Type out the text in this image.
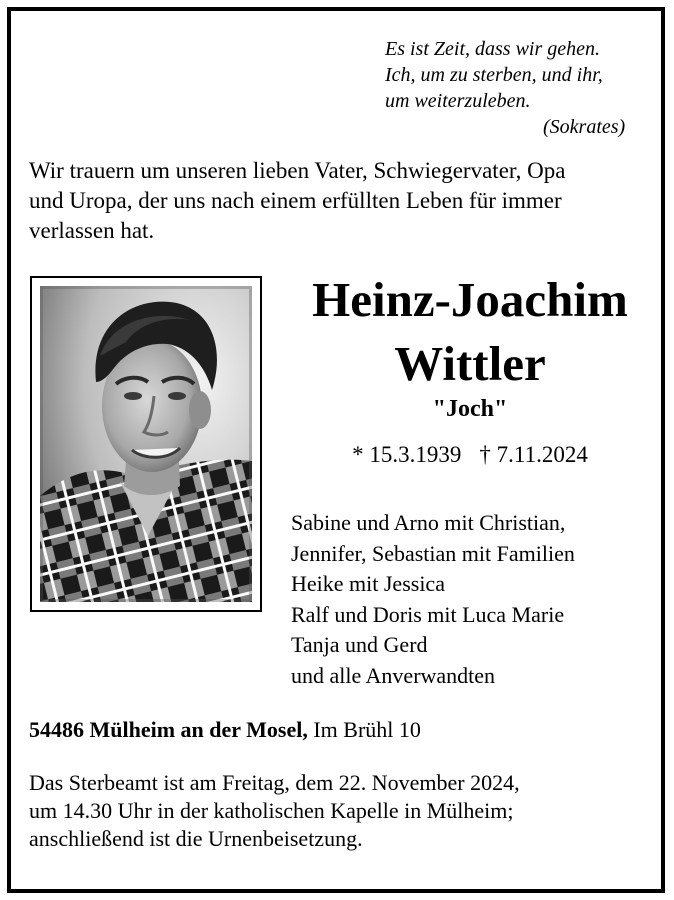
Es ist Zeit, dass wir gehen.
Ich, um zu sterben, und ihr,
um weiterzuleben.
(Sokrates)
Wir trauern um unseren lieben Vater, Schwiegervater, Opa
und Uropa, der uns nach einem erfüllten Leben für immer
verlassen hat.
Heinz-Joachim
Wittler
"Joch"
* 15.3.1939 † 7.11.2024
Sabine und Arno mit Christian,
Jennifer, Sebastian mit Familien
Heike mit Jessica
Ralf und Doris mit Luca Marie
Tanja und Gerd
und alle Anverwandten
54486 Mülheim an der Mosel, Im Brühl 10
Das Sterbeamt ist am Freitag, dem 22. November 2024,
um 14.30 Uhr in der katholischen Kapelle in Mülheim;
anschließend ist die Urnenbeisetzung.
